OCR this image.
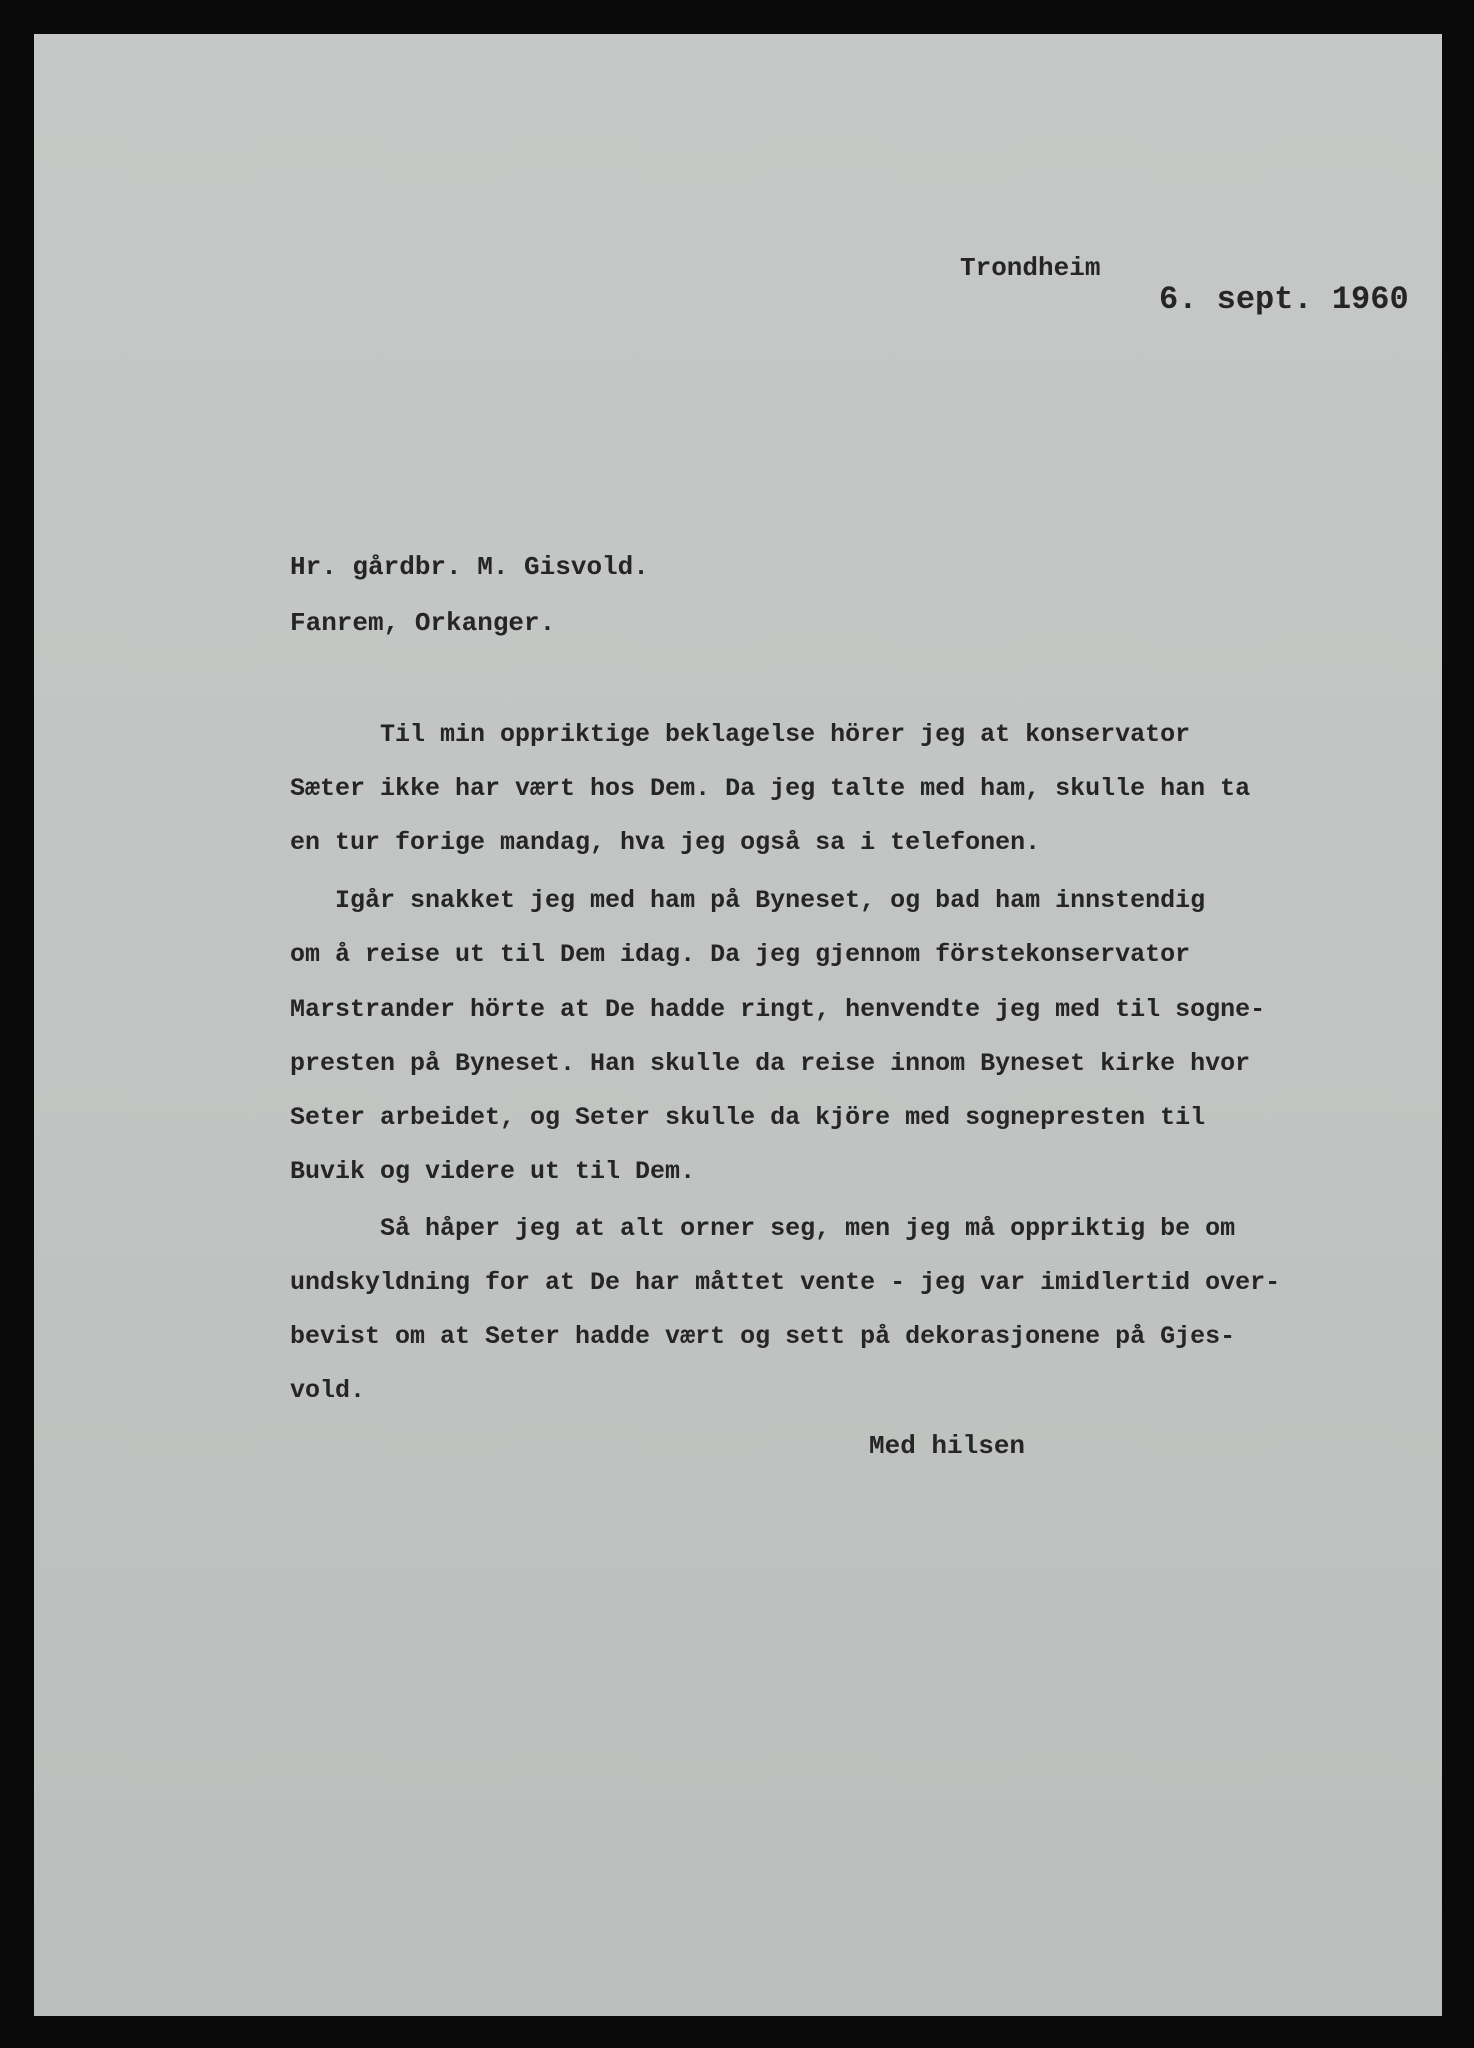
Trondheim
6. sept. 1960
Hr. gårdbr. M. Gisvold.
Fanrem, Orkanger.
Til min oppriktige beklagelse hörer jeg at konservator
Sæter ikke har vært hos Dem. Da jeg talte med ham, skulle han ta
en tur forige mandag, hva jeg også sa i telefonen.
Igår snakket jeg med ham på Byneset, og bad ham innstendig
om å reise ut til Dem idag. Da jeg gjennom förstekonservator
Marstrander hörte at De hadde ringt, henvendte jeg med til sogne-
presten på Byneset. Han skulle da reise innom Byneset kirke hvor
Seter arbeidet, og Seter skulle da kjöre med sognepresten til
Buvik og videre ut til Dem.
Så håper jeg at alt orner seg, men jeg må oppriktig be om
undskyldning for at De har måttet vente - jeg var imidlertid over-
bevist om at Seter hadde vært og sett på dekorasjonene på Gjes-
vold.
Med hilsen
